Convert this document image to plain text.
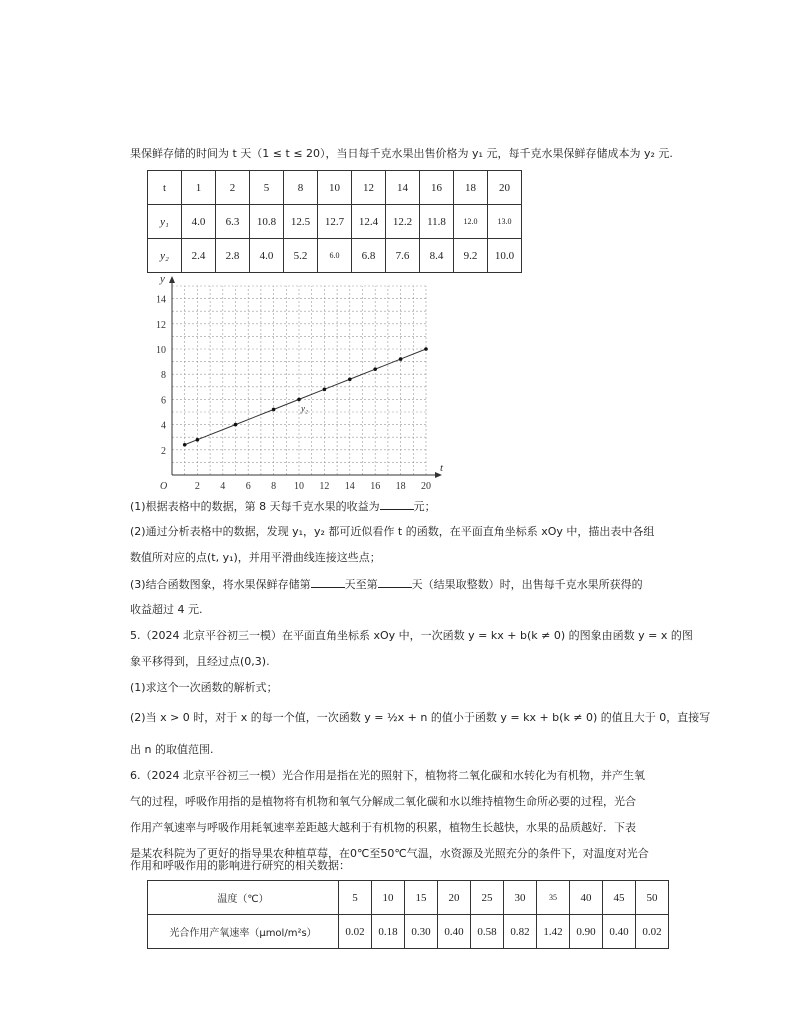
果保鲜存储的时间为 t 天（1 ≤ t ≤ 20），当日每千克水果出售价格为 y₁ 元，每千克水果保鲜存储成本为 y₂ 元.
t	1	2	5	8	10	12	14	16	18	20
y₁	4.0	6.3	10.8	12.5	12.7	12.4	12.2	11.8	12.0	13.0
y₂	2.4	2.8	4.0	5.2	6.0	6.8	7.6	8.4	9.2	10.0
2 4 6 8 10 12 14 16 18 20
2
4
6
8
10
12
14
O
t
y
y₂
(1)根据表格中的数据，第 8 天每千克水果的收益为	元；
(2)通过分析表格中的数据，发现 y₁，y₂ 都可近似看作 t 的函数，在平面直角坐标系 xOy 中，描出表中各组
数值所对应的点(t, y₁)，并用平滑曲线连接这些点；
(3)结合函数图象，将水果保鲜存储第	天至第	天（结果取整数）时，出售每千克水果所获得的
收益超过 4 元.
5.（2024 北京平谷初三一模）在平面直角坐标系 xOy 中，一次函数 y = kx + b(k ≠ 0) 的图象由函数 y = x 的图
象平移得到，且经过点(0,3).
(1)求这个一次函数的解析式；
(2)当 x > 0 时，对于 x 的每一个值，一次函数 y = ½x + n 的值小于函数 y = kx + b(k ≠ 0) 的值且大于 0，直接写
出 n 的取值范围.
6.（2024 北京平谷初三一模）光合作用是指在光的照射下，植物将二氧化碳和水转化为有机物，并产生氧
气的过程，呼吸作用指的是植物将有机物和氧气分解成二氧化碳和水以维持植物生命所必要的过程，光合
作用产氧速率与呼吸作用耗氧速率差距越大越利于有机物的积累，植物生长越快，水果的品质越好．下表
是某农科院为了更好的指导果农种植草莓，在0℃至50℃气温，水资源及光照充分的条件下，对温度对光合
作用和呼吸作用的影响进行研究的相关数据：
温度（℃）	5	10	15	20	25	30	35	40	45	50
光合作用产氧速率（μmol/m²s）	0.02	0.18	0.30	0.40	0.58	0.82	1.42	0.90	0.40	0.02
